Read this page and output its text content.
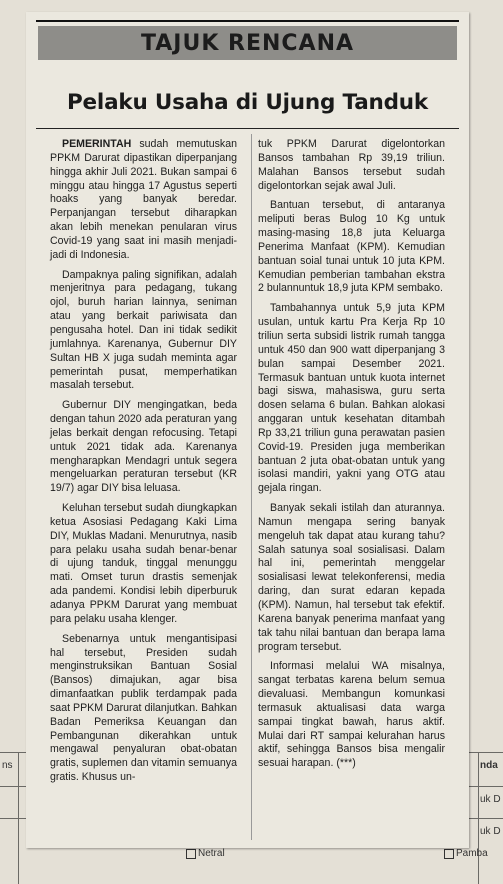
ns	nda
uk D
uk D
Netral	Pamba
TAJUK RENCANA
Pelaku Usaha di Ujung Tanduk

PEMERINTAH sudah memutuskan PPKM Darurat dipastikan diperpanjang hingga akhir Juli 2021. Bukan sampai 6 minggu atau hingga 17 Agustus seperti hoaks yang banyak beredar. Perpanjangan tersebut diharapkan akan lebih menekan penularan virus Covid-19 yang saat ini masih menjadi-jadi di Indonesia.

Dampaknya paling signifikan, adalah menjeritnya para pedagang, tukang ojol, buruh harian lainnya, seniman atau yang berkait pariwisata dan pengusaha hotel. Dan ini tidak sedikit jumlahnya. Karenanya, Gubernur DIY Sultan HB X juga sudah meminta agar pemerintah pusat, memperhatikan masalah tersebut.

Gubernur DIY mengingatkan, beda dengan tahun 2020 ada peraturan yang jelas berkait dengan refocusing. Tetapi untuk 2021 tidak ada. Karenanya mengharapkan Mendagri untuk segera mengeluarkan peraturan tersebut (KR 19/7) agar DIY bisa leluasa.

Keluhan tersebut sudah diungkapkan ketua Asosiasi Pedagang Kaki Lima DIY, Muklas Madani. Menurutnya, nasib para pelaku usaha sudah benar-benar di ujung tanduk, tinggal menunggu mati. Omset turun drastis semenjak ada pandemi. Kondisi lebih diperburuk adanya PPKM Darurat yang membuat para pelaku usaha klenger.

Sebenarnya untuk mengantisipasi hal tersebut, Presiden sudah menginstruksikan Bantuan Sosial (Bansos) dimajukan, agar bisa dimanfaatkan publik terdampak pada saat PPKM Darurat dilanjutkan. Bahkan Badan Pemeriksa Keuangan dan Pembangunan dikerahkan untuk mengawal penyaluran obat-obatan gratis, suplemen dan vitamin semuanya gratis. Khusus un-

tuk PPKM Darurat digelontorkan Bansos tambahan Rp 39,19 triliun. Malahan Bansos tersebut sudah digelontorkan sejak awal Juli.

Bantuan tersebut, di antaranya meliputi beras Bulog 10 Kg untuk masing-masing 18,8 juta Keluarga Penerima Manfaat (KPM). Kemudian bantuan soial tunai untuk 10 juta KPM. Kemudian pemberian tambahan ekstra 2 bulannuntuk 18,9 juta KPM sembako.

Tambahannya untuk 5,9 juta KPM usulan, untuk kartu Pra Kerja Rp 10 triliun serta subsidi listrik rumah tangga untuk 450 dan 900 watt diperpanjang 3 bulan sampai Desember 2021. Termasuk bantuan untuk kuota internet bagi siswa, mahasiswa, guru serta dosen selama 6 bulan. Bahkan alokasi anggaran untuk kesehatan ditambah Rp 33,21 triliun guna perawatan pasien Covid-19. Presiden juga memberikan bantuan 2 juta obat-obatan untuk yang isolasi mandiri, yakni yang OTG atau gejala ringan.

Banyak sekali istilah dan aturannya. Namun mengapa sering banyak mengeluh tak dapat atau kurang tahu? Salah satunya soal sosialisasi. Dalam hal ini, pemerintah menggelar sosialisasi lewat telekonferensi, media daring, dan surat edaran kepada (KPM). Namun, hal tersebut tak efektif. Karena banyak penerima manfaat yang tak tahu nilai bantuan dan berapa lama program tersebut.

Informasi melalui WA misalnya, sangat terbatas karena belum semua dievaluasi. Membangun komunkasi termasuk aktualisasi data warga sampai tingkat bawah, harus aktif. Mulai dari RT sampai kelurahan harus aktif, sehingga Bansos bisa mengalir sesuai harapan. (***)
